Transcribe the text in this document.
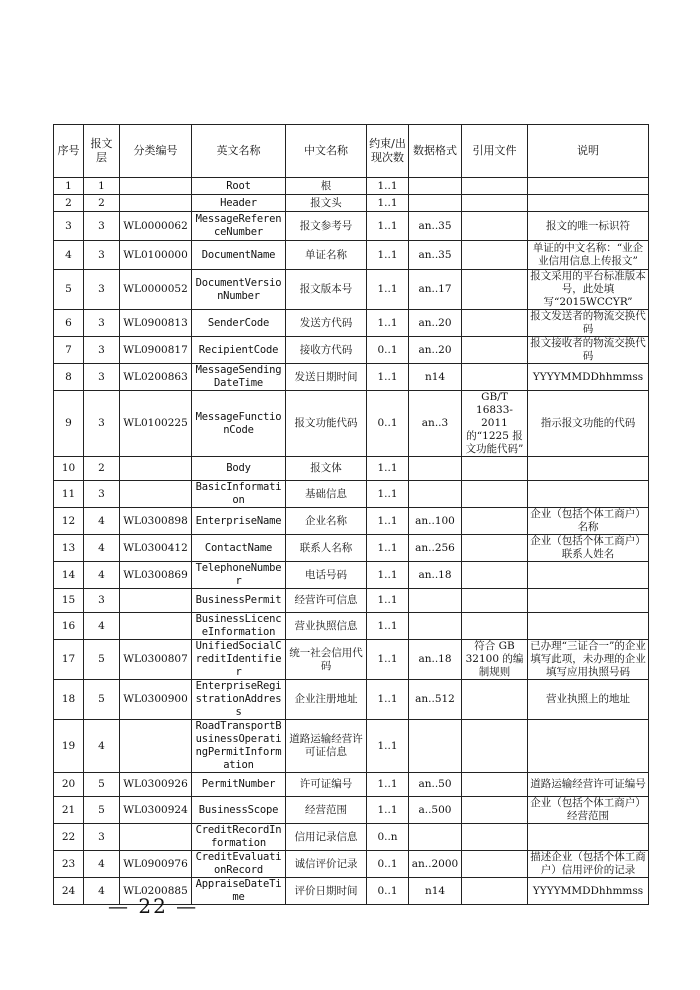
序号	报文层	分类编号	英文名称	中文名称	约束/出现次数	数据格式	引用文件	说明
1	1		Root	根	1..1			
2	2		Header	报文头	1..1			
3	3	WL0000062	MessageReferenceNumber	报文参考号	1..1	an..35		报文的唯一标识符
4	3	WL0100000	DocumentName	单证名称	1..1	an..35		单证的中文名称：“业企业信用信息上传报文”
5	3	WL0000052	DocumentVersionNumber	报文版本号	1..1	an..17		报文采用的平台标准版本号，此处填写“2015WCCYR”
6	3	WL0900813	SenderCode	发送方代码	1..1	an..20		报文发送者的物流交换代码
7	3	WL0900817	RecipientCode	接收方代码	0..1	an..20		报文接收者的物流交换代码
8	3	WL0200863	MessageSendingDateTime	发送日期时间	1..1	n14		YYYYMMDDhhmmss
9	3	WL0100225	MessageFunctionCode	报文功能代码	0..1	an..3	GB/T 16833-2011的“1225 报文功能代码”	指示报文功能的代码
10	2		Body	报文体	1..1			
11	3		BasicInformation	基础信息	1..1			
12	4	WL0300898	EnterpriseName	企业名称	1..1	an..100		企业（包括个体工商户）名称
13	4	WL0300412	ContactName	联系人名称	1..1	an..256		企业（包括个体工商户）联系人姓名
14	4	WL0300869	TelephoneNumber	电话号码	1..1	an..18		
15	3		BusinessPermit	经营许可信息	1..1			
16	4		BusinessLicenceInformation	营业执照信息	1..1			
17	5	WL0300807	UnifiedSocialCreditIdentifier	统一社会信用代码	1..1	an..18	符合 GB 32100 的编制规则	已办理“三证合一”的企业填写此项，未办理的企业填写应用执照号码
18	5	WL0300900	EnterpriseRegistrationAddress	企业注册地址	1..1	an..512		营业执照上的地址
19	4		RoadTransportBusinessOperatingPermitInformation	道路运输经营许可证信息	1..1			
20	5	WL0300926	PermitNumber	许可证编号	1..1	an..50		道路运输经营许可证编号
21	5	WL0300924	BusinessScope	经营范围	1..1	a..500		企业（包括个体工商户）经营范围
22	3		CreditRecordInformation	信用记录信息	0..n			
23	4	WL0900976	CreditEvaluationRecord	诚信评价记录	0..1	an..2000		描述企业（包括个体工商户）信用评价的记录
24	4	WL0200885	AppraiseDateTime	评价日期时间	0..1	n14		YYYYMMDDhhmmss
— 22 —
